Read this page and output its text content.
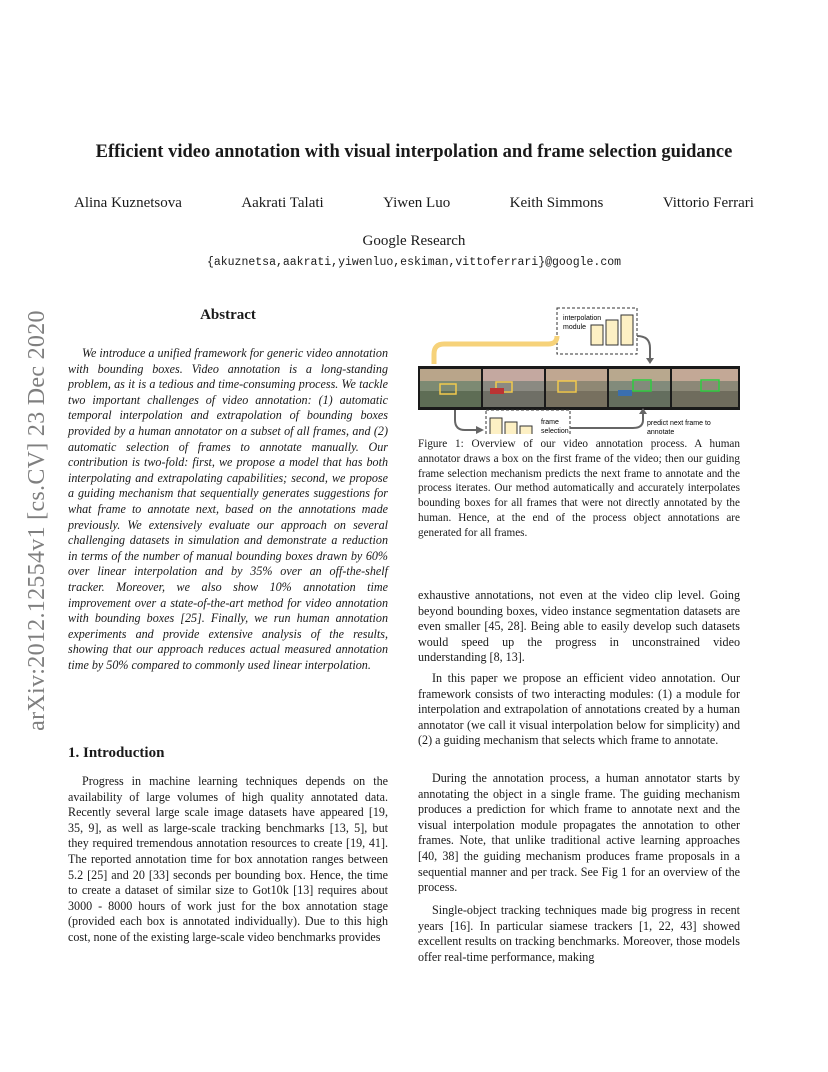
arXiv:2012.12554v1 [cs.CV] 23 Dec 2020
Efficient video annotation with visual interpolation and frame selection guidance
Alina Kuznetsova	Aakrati Talati	Yiwen Luo	Keith Simmons	Vittorio Ferrari
Google Research
{akuznetsa,aakrati,yiwenluo,eskiman,vittoferrari}@google.com
Abstract

We introduce a unified framework for generic video annotation with bounding boxes. Video annotation is a long-standing problem, as it is a tedious and time-consuming process. We tackle two important challenges of video annotation: (1) automatic temporal interpolation and extrapolation of bounding boxes provided by a human annotator on a subset of all frames, and (2) automatic selection of frames to annotate manually. Our contribution is two-fold: first, we propose a model that has both interpolating and extrapolating capabilities; second, we propose a guiding mechanism that sequentially generates suggestions for what frame to annotate next, based on the annotations made previously. We extensively evaluate our approach on several challenging datasets in simulation and demonstrate a reduction in terms of the number of manual bounding boxes drawn by 60% over linear interpolation and by 35% over an off-the-shelf tracker. Moreover, we also show 10% annotation time improvement over a state-of-the-art method for video annotation with bounding boxes [25]. Finally, we run human annotation experiments and provide extensive analysis of the results, showing that our approach reduces actual measured annotation time by 50% compared to commonly used linear interpolation.

1. Introduction

Progress in machine learning techniques depends on the availability of large volumes of high quality annotated data. Recently several large scale image datasets have appeared [19, 35, 9], as well as large-scale tracking benchmarks [13, 5], but they required tremendous annotation resources to create [19, 41]. The reported annotation time for box annotation ranges between 5.2 [25] and 20 [33] seconds per bounding box. Hence, the time to create a dataset of similar size to Got10k [13] requires about 3000 - 8000 hours of work just for the box annotation stage (provided each box is annotated individually). Due to this high cost, none of the existing large-scale video benchmarks provides

interpolation
module
frame
selection
predict next frame to
annotate

Figure 1: Overview of our video annotation process. A human annotator draws a box on the first frame of the video; then our guiding frame selection mechanism predicts the next frame to annotate and the process iterates. Our method automatically and accurately interpolates bounding boxes for all frames that were not directly annotated by the human. Hence, at the end of the process object annotations are generated for all frames.

exhaustive annotations, not even at the video clip level. Going beyond bounding boxes, video instance segmentation datasets are even smaller [45, 28]. Being able to easily develop such datasets would speed up the progress in unconstrained video understanding [8, 13].

In this paper we propose an efficient video annotation. Our framework consists of two interacting modules: (1) a module for interpolation and extrapolation of annotations created by a human annotator (we call it visual interpolation below for simplicity) and (2) a guiding mechanism that selects which frame to annotate.

During the annotation process, a human annotator starts by annotating the object in a single frame. The guiding mechanism produces a prediction for which frame to annotate next and the visual interpolation module propagates the annotation to other frames. Note, that unlike traditional active learning approaches [40, 38] the guiding mechanism produces frame proposals in a sequential manner and per track. See Fig 1 for an overview of the process.

Single-object tracking techniques made big progress in recent years [16]. In particular siamese trackers [1, 22, 43] showed excellent results on tracking benchmarks. Moreover, those models offer real-time performance, making
